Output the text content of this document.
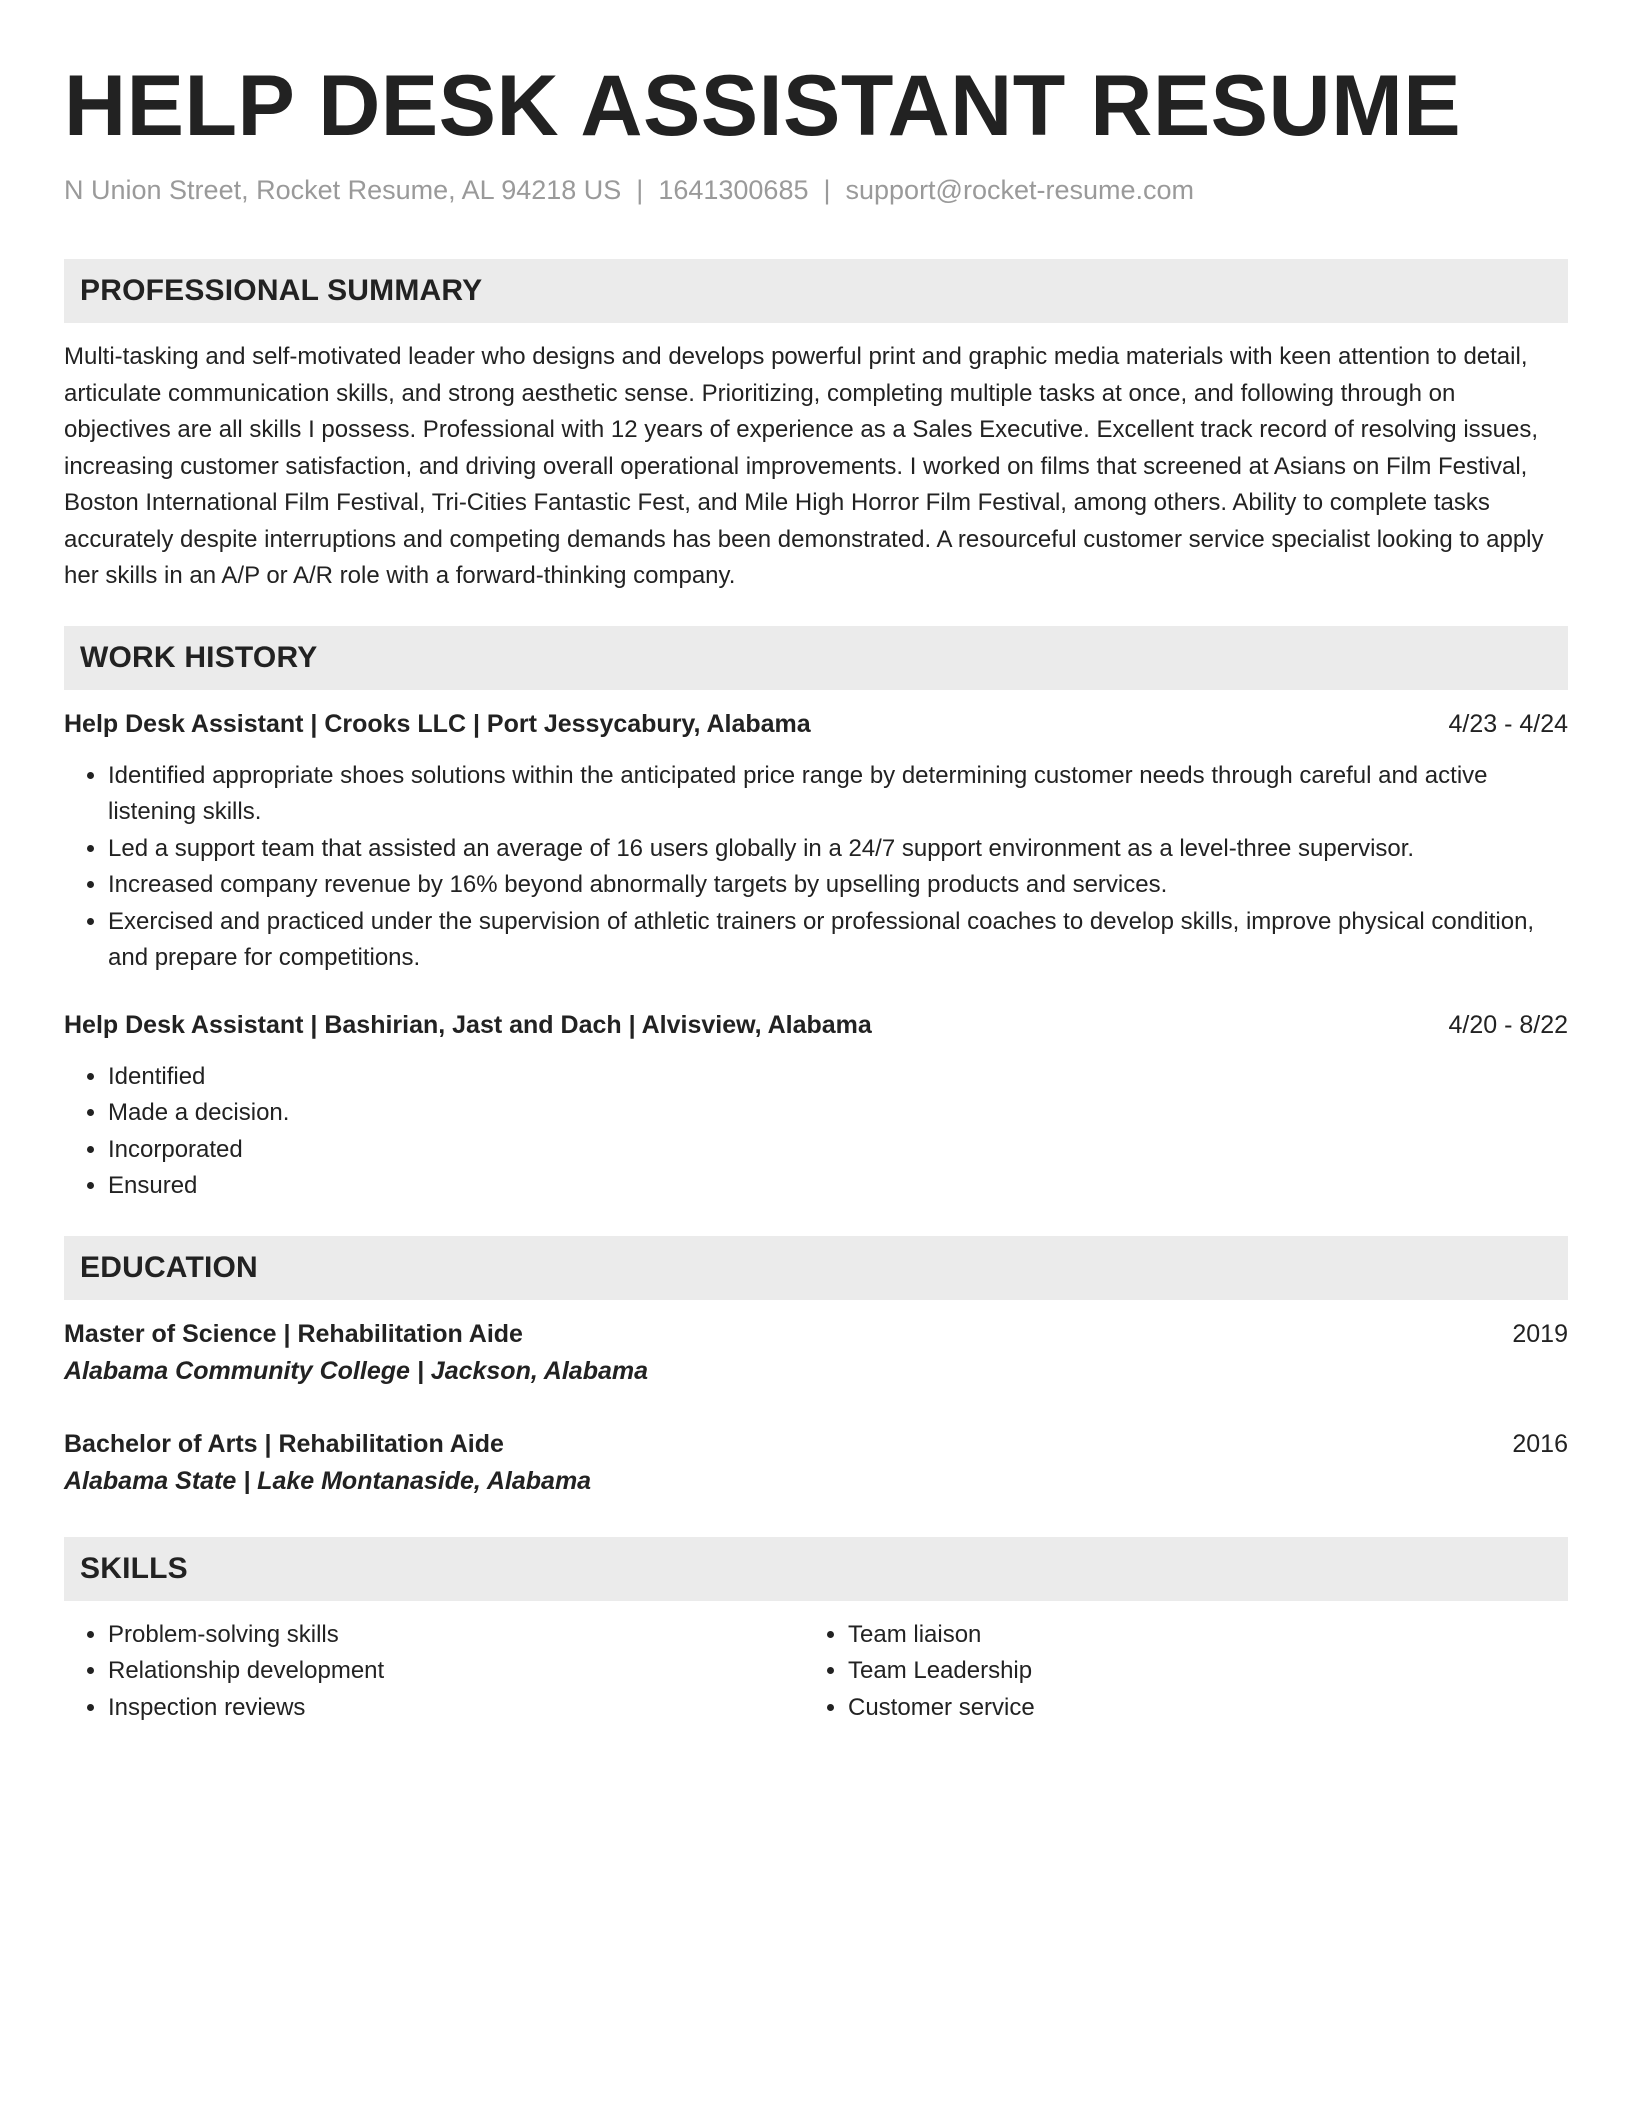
HELP DESK ASSISTANT RESUME
N Union Street, Rocket Resume, AL 94218 US | 1641300685 | support@rocket-resume.com
PROFESSIONAL SUMMARY
Multi-tasking and self-motivated leader who designs and develops powerful print and graphic media materials with keen attention to detail, articulate communication skills, and strong aesthetic sense. Prioritizing, completing multiple tasks at once, and following through on objectives are all skills I possess. Professional with 12 years of experience as a Sales Executive. Excellent track record of resolving issues, increasing customer satisfaction, and driving overall operational improvements. I worked on films that screened at Asians on Film Festival, Boston International Film Festival, Tri-Cities Fantastic Fest, and Mile High Horror Film Festival, among others. Ability to complete tasks accurately despite interruptions and competing demands has been demonstrated. A resourceful customer service specialist looking to apply her skills in an A/P or A/R role with a forward-thinking company.
WORK HISTORY
Help Desk Assistant | Crooks LLC | Port Jessycabury, Alabama	4/23 - 4/24
• Identified appropriate shoes solutions within the anticipated price range by determining customer needs through careful and active listening skills.
• Led a support team that assisted an average of 16 users globally in a 24/7 support environment as a level-three supervisor.
• Increased company revenue by 16% beyond abnormally targets by upselling products and services.
• Exercised and practiced under the supervision of athletic trainers or professional coaches to develop skills, improve physical condition, and prepare for competitions.
Help Desk Assistant | Bashirian, Jast and Dach | Alvisview, Alabama	4/20 - 8/22
• Identified
• Made a decision.
• Incorporated
• Ensured
EDUCATION
Master of Science | Rehabilitation Aide	2019
Alabama Community College | Jackson, Alabama
Bachelor of Arts | Rehabilitation Aide	2016
Alabama State | Lake Montanaside, Alabama
SKILLS
• Problem-solving skills
• Relationship development
• Inspection reviews
• Team liaison
• Team Leadership
• Customer service
